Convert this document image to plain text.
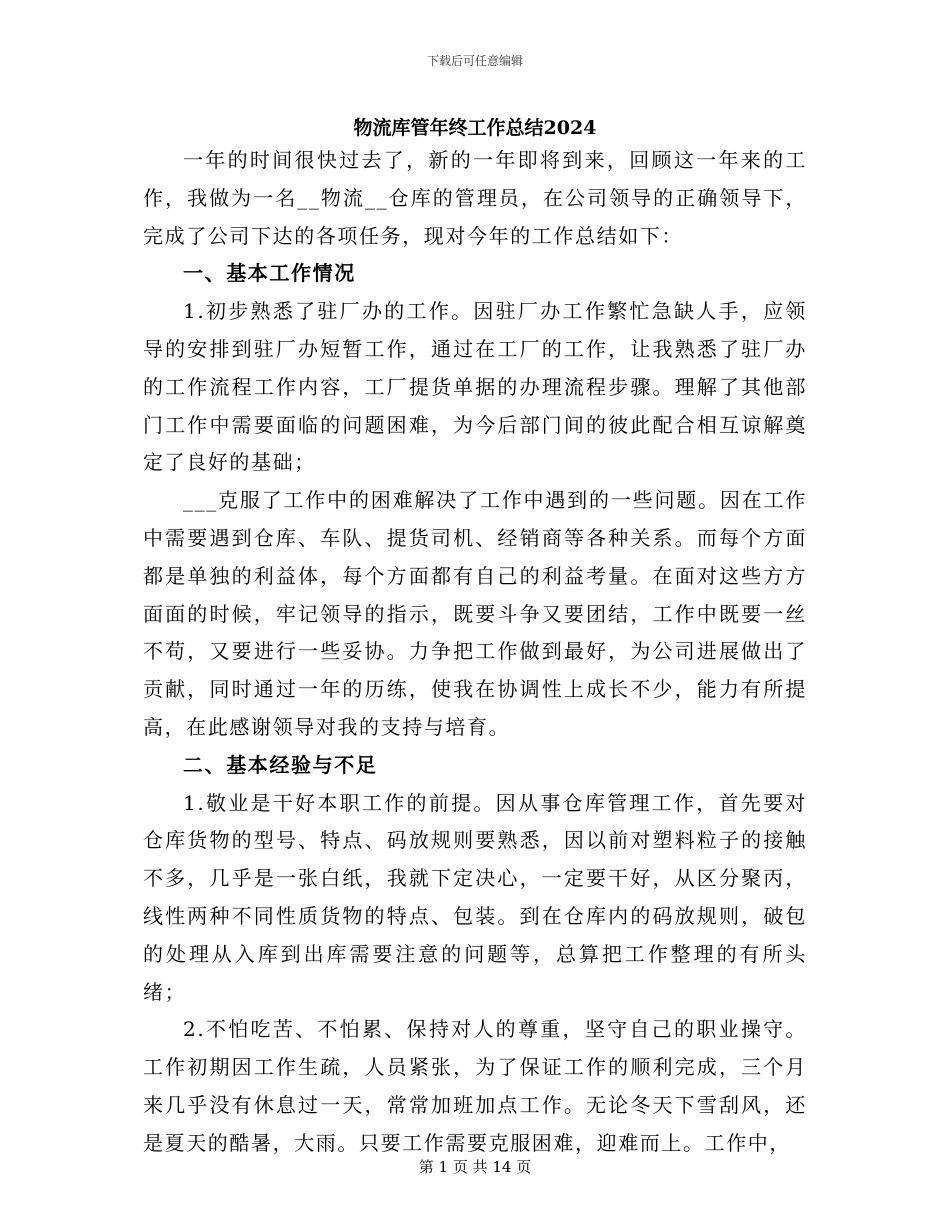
下载后可任意编辑
物流库管年终工作总结2024

一年的时间很快过去了，新的一年即将到来，回顾这一年来的工作，我做为一名__物流__仓库的管理员，在公司领导的正确领导下，完成了公司下达的各项任务，现对今年的工作总结如下：

一、基本工作情况

1.初步熟悉了驻厂办的工作。因驻厂办工作繁忙急缺人手，应领导的安排到驻厂办短暂工作，通过在工厂的工作，让我熟悉了驻厂办的工作流程工作内容，工厂提货单据的办理流程步骤。理解了其他部门工作中需要面临的问题困难，为今后部门间的彼此配合相互谅解奠定了良好的基础；

___克服了工作中的困难解决了工作中遇到的一些问题。因在工作中需要遇到仓库、车队、提货司机、经销商等各种关系。而每个方面都是单独的利益体，每个方面都有自己的利益考量。在面对这些方方面面的时候，牢记领导的指示，既要斗争又要团结，工作中既要一丝不苟，又要进行一些妥协。力争把工作做到最好，为公司进展做出了贡献，同时通过一年的历练，使我在协调性上成长不少，能力有所提高，在此感谢领导对我的支持与培育。

二、基本经验与不足

1.敬业是干好本职工作的前提。因从事仓库管理工作，首先要对仓库货物的型号、特点、码放规则要熟悉，因以前对塑料粒子的接触不多，几乎是一张白纸，我就下定决心，一定要干好，从区分聚丙，线性两种不同性质货物的特点、包装。到在仓库内的码放规则，破包的处理从入库到出库需要注意的问题等，总算把工作整理的有所头绪；

2.不怕吃苦、不怕累、保持对人的尊重，坚守自己的职业操守。工作初期因工作生疏，人员紧张，为了保证工作的顺利完成，三个月来几乎没有休息过一天，常常加班加点工作。无论冬天下雪刮风，还是夏天的酷暑，大雨。只要工作需要克服困难，迎难而上。工作中，

第 1 页 共 14 页
